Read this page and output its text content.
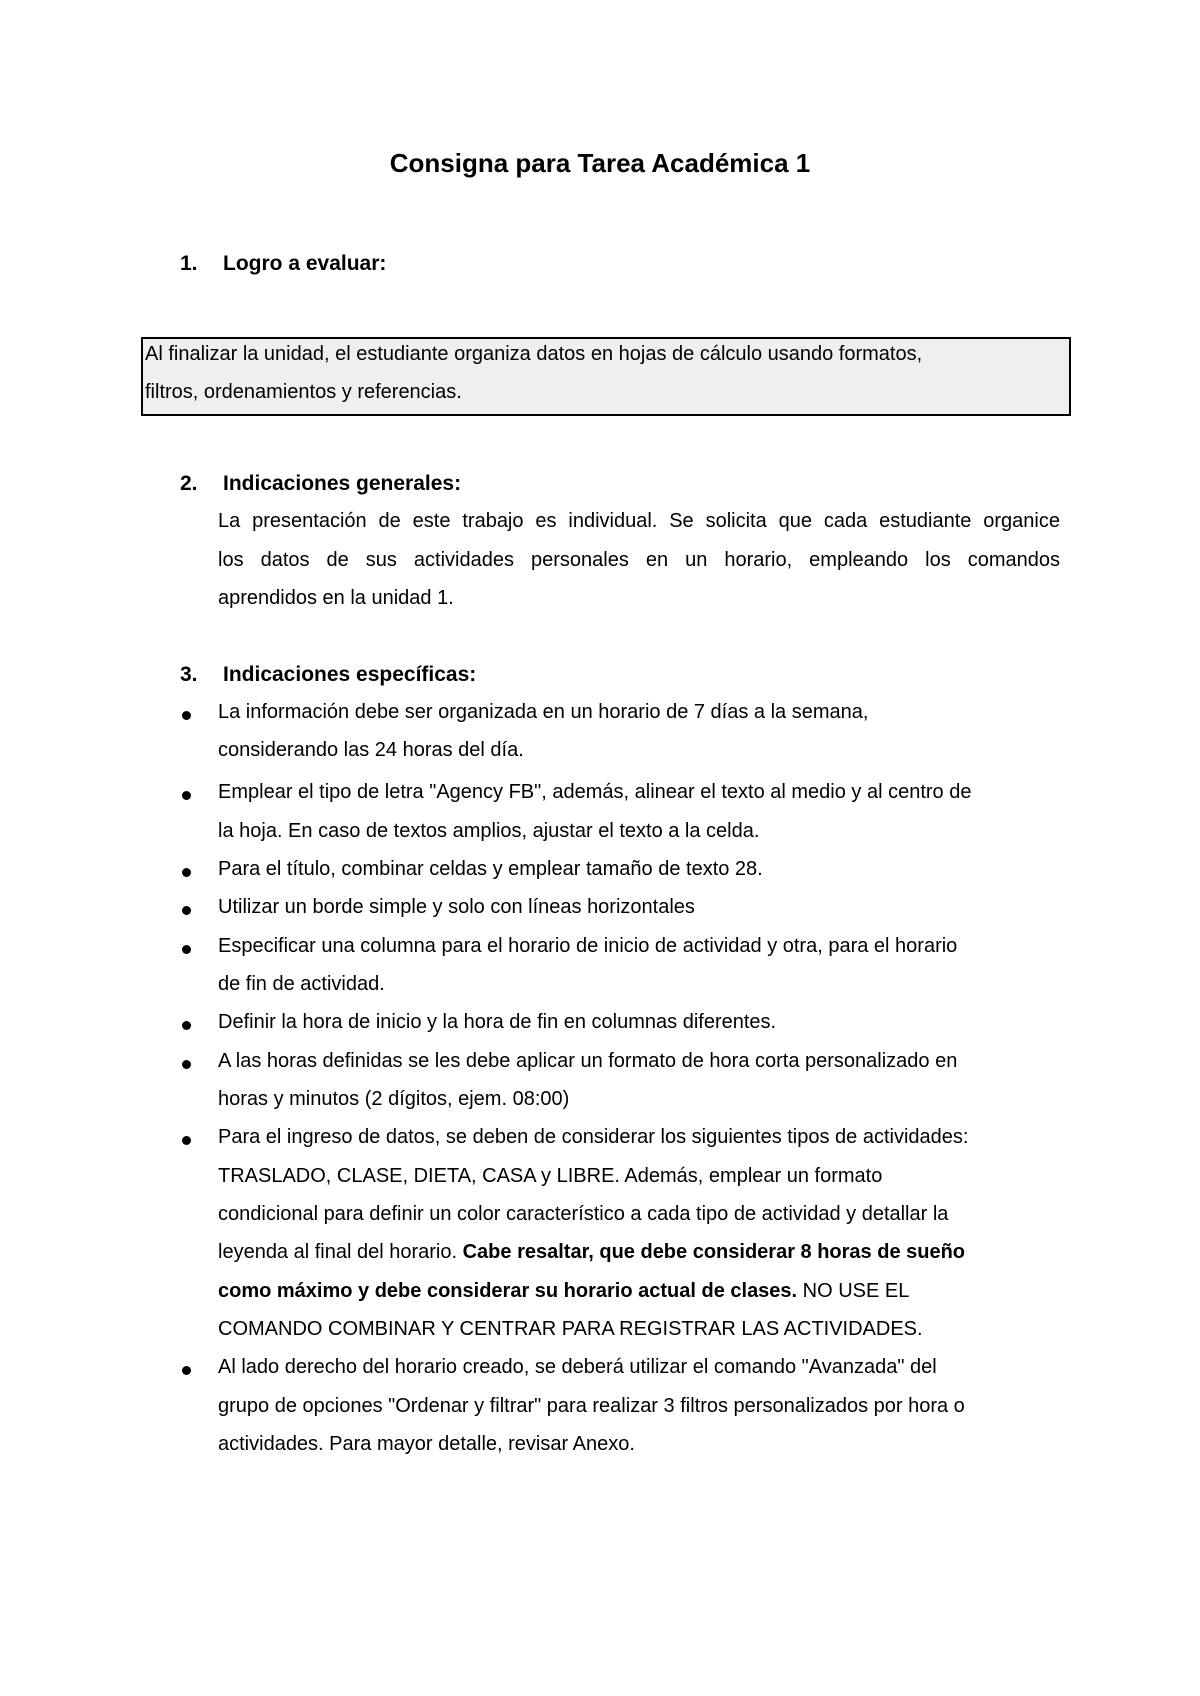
Consigna para Tarea Académica 1
1. Logro a evaluar:
Al finalizar la unidad, el estudiante organiza datos en hojas de cálculo usando formatos,
filtros, ordenamientos y referencias.
2. Indicaciones generales:
La presentación de este trabajo es individual. Se solicita que cada estudiante organice
los datos de sus actividades personales en un horario, empleando los comandos
aprendidos en la unidad 1.
3. Indicaciones específicas:
La información debe ser organizada en un horario de 7 días a la semana,
considerando las 24 horas del día.
Emplear el tipo de letra "Agency FB", además, alinear el texto al medio y al centro de
la hoja. En caso de textos amplios, ajustar el texto a la celda.
Para el título, combinar celdas y emplear tamaño de texto 28.
Utilizar un borde simple y solo con líneas horizontales
Especificar una columna para el horario de inicio de actividad y otra, para el horario
de fin de actividad.
Definir la hora de inicio y la hora de fin en columnas diferentes.
A las horas definidas se les debe aplicar un formato de hora corta personalizado en
horas y minutos (2 dígitos, ejem. 08:00)
Para el ingreso de datos, se deben de considerar los siguientes tipos de actividades:
TRASLADO, CLASE, DIETA, CASA y LIBRE. Además, emplear un formato
condicional para definir un color característico a cada tipo de actividad y detallar la
leyenda al final del horario. Cabe resaltar, que debe considerar 8 horas de sueño
como máximo y debe considerar su horario actual de clases. NO USE EL
COMANDO COMBINAR Y CENTRAR PARA REGISTRAR LAS ACTIVIDADES.
Al lado derecho del horario creado, se deberá utilizar el comando "Avanzada" del
grupo de opciones "Ordenar y filtrar" para realizar 3 filtros personalizados por hora o
actividades. Para mayor detalle, revisar Anexo.
